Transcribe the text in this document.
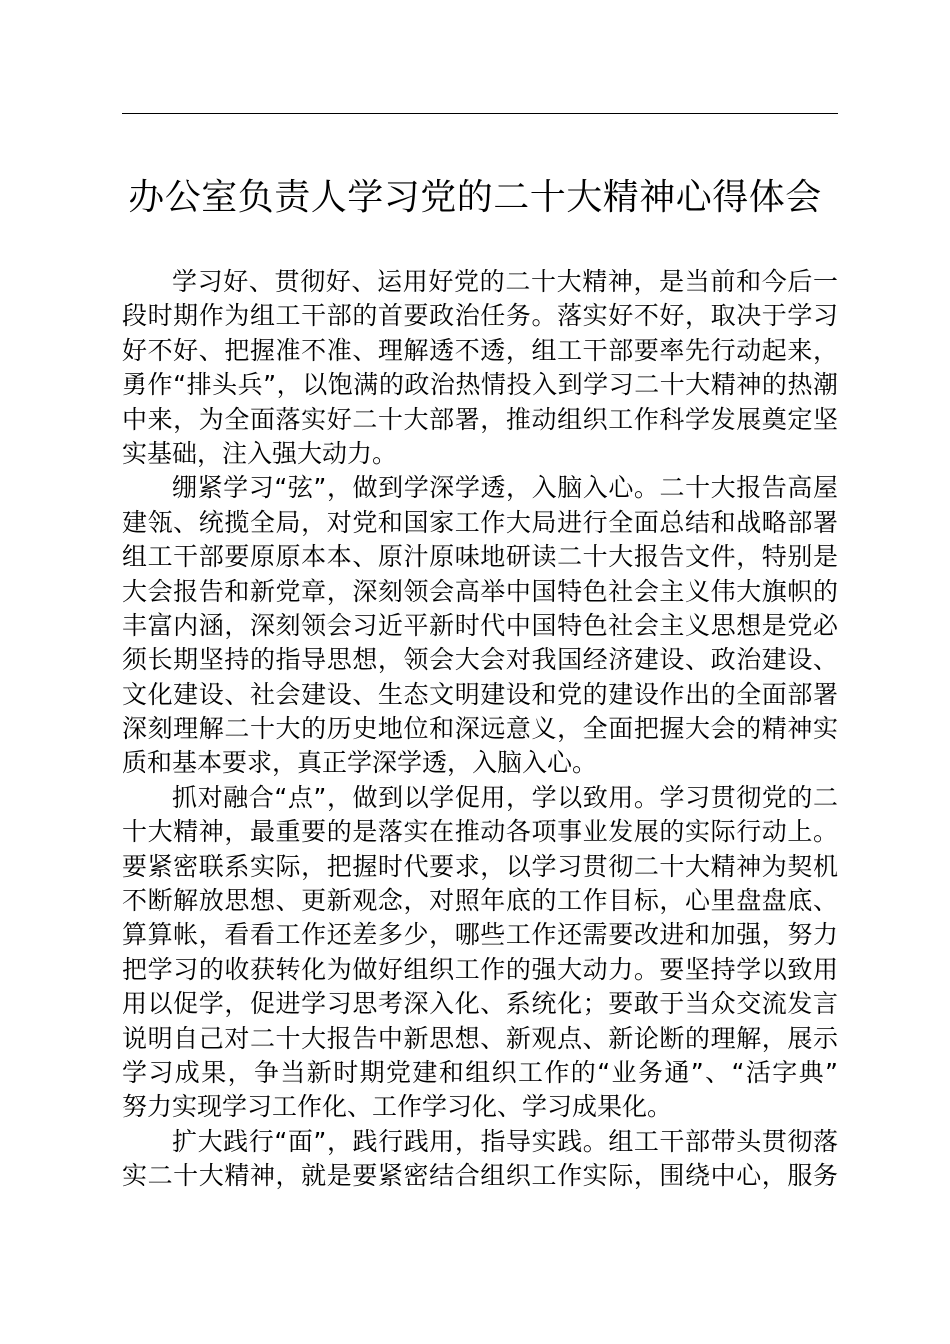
办公室负责人学习党的二十大精神心得体会
学习好、贯彻好、运用好党的二十大精神，是当前和今后一
段时期作为组工干部的首要政治任务。落实好不好，取决于学习
好不好、把握准不准、理解透不透，组工干部要率先行动起来，
勇作“排头兵”，以饱满的政治热情投入到学习二十大精神的热潮
中来，为全面落实好二十大部署，推动组织工作科学发展奠定坚
实基础，注入强大动力。
绷紧学习“弦”，做到学深学透，入脑入心。二十大报告高屋
建瓴、统揽全局，对党和国家工作大局进行全面总结和战略部署
组工干部要原原本本、原汁原味地研读二十大报告文件，特别是
大会报告和新党章，深刻领会高举中国特色社会主义伟大旗帜的
丰富内涵，深刻领会习近平新时代中国特色社会主义思想是党必
须长期坚持的指导思想，领会大会对我国经济建设、政治建设、
文化建设、社会建设、生态文明建设和党的建设作出的全面部署
深刻理解二十大的历史地位和深远意义，全面把握大会的精神实
质和基本要求，真正学深学透，入脑入心。
抓对融合“点”，做到以学促用，学以致用。学习贯彻党的二
十大精神，最重要的是落实在推动各项事业发展的实际行动上。
要紧密联系实际，把握时代要求，以学习贯彻二十大精神为契机
不断解放思想、更新观念，对照年底的工作目标，心里盘盘底、
算算帐，看看工作还差多少，哪些工作还需要改进和加强，努力
把学习的收获转化为做好组织工作的强大动力。要坚持学以致用
用以促学，促进学习思考深入化、系统化；要敢于当众交流发言
说明自己对二十大报告中新思想、新观点、新论断的理解，展示
学习成果，争当新时期党建和组织工作的“业务通”、“活字典”
努力实现学习工作化、工作学习化、学习成果化。
扩大践行“面”，践行践用，指导实践。组工干部带头贯彻落
实二十大精神，就是要紧密结合组织工作实际，围绕中心，服务
